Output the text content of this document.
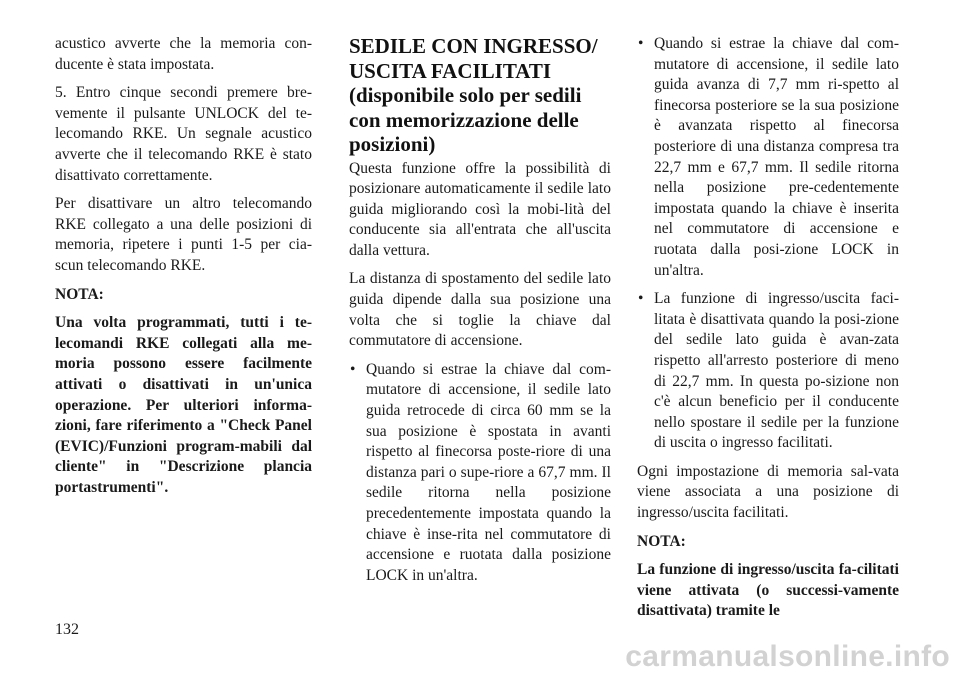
acustico avverte che la memoria con-ducente è stata impostata.

5. Entro cinque secondi premere bre-vemente il pulsante UNLOCK del te-lecomando RKE. Un segnale acustico avverte che il telecomando RKE è stato disattivato correttamente.

Per disattivare un altro telecomando RKE collegato a una delle posizioni di memoria, ripetere i punti 1-5 per cia-scun telecomando RKE.

NOTA:

Una volta programmati, tutti i te-lecomandi RKE collegati alla me-moria possono essere facilmente attivati o disattivati in un'unica operazione. Per ulteriori informa-zioni, fare riferimento a "Check Panel (EVIC)/Funzioni program-mabili dal cliente" in "Descrizione plancia portastrumenti".

SEDILE CON INGRESSO/ USCITA FACILITATI (disponibile solo per sedili con memorizzazione delle posizioni)

Questa funzione offre la possibilità di posizionare automaticamente il sedile lato guida migliorando così la mobi-lità del conducente sia all'entrata che all'uscita dalla vettura.

La distanza di spostamento del sedile lato guida dipende dalla sua posizione una volta che si toglie la chiave dal commutatore di accensione.

• Quando si estrae la chiave dal com-mutatore di accensione, il sedile lato guida retrocede di circa 60 mm se la sua posizione è spostata in avanti rispetto al finecorsa poste-riore di una distanza pari o supe-riore a 67,7 mm. Il sedile ritorna nella posizione precedentemente impostata quando la chiave è inse-rita nel commutatore di accensione e ruotata dalla posizione LOCK in un'altra.
• Quando si estrae la chiave dal com-mutatore di accensione, il sedile lato guida avanza di 7,7 mm ri-spetto al finecorsa posteriore se la sua posizione è avanzata rispetto al finecorsa posteriore di una distanza compresa tra 22,7 mm e 67,7 mm. Il sedile ritorna nella posizione pre-cedentemente impostata quando la chiave è inserita nel commutatore di accensione e ruotata dalla posi-zione LOCK in un'altra.
• La funzione di ingresso/uscita faci-litata è disattivata quando la posi-zione del sedile lato guida è avan-zata rispetto all'arresto posteriore di meno di 22,7 mm. In questa po-sizione non c'è alcun beneficio per il conducente nello spostare il sedile per la funzione di uscita o ingresso facilitati.

Ogni impostazione di memoria sal-vata viene associata a una posizione di ingresso/uscita facilitati.

NOTA:

La funzione di ingresso/uscita fa-cilitati viene attivata (o successi-vamente disattivata) tramite le

132
carmanualsonline.info
